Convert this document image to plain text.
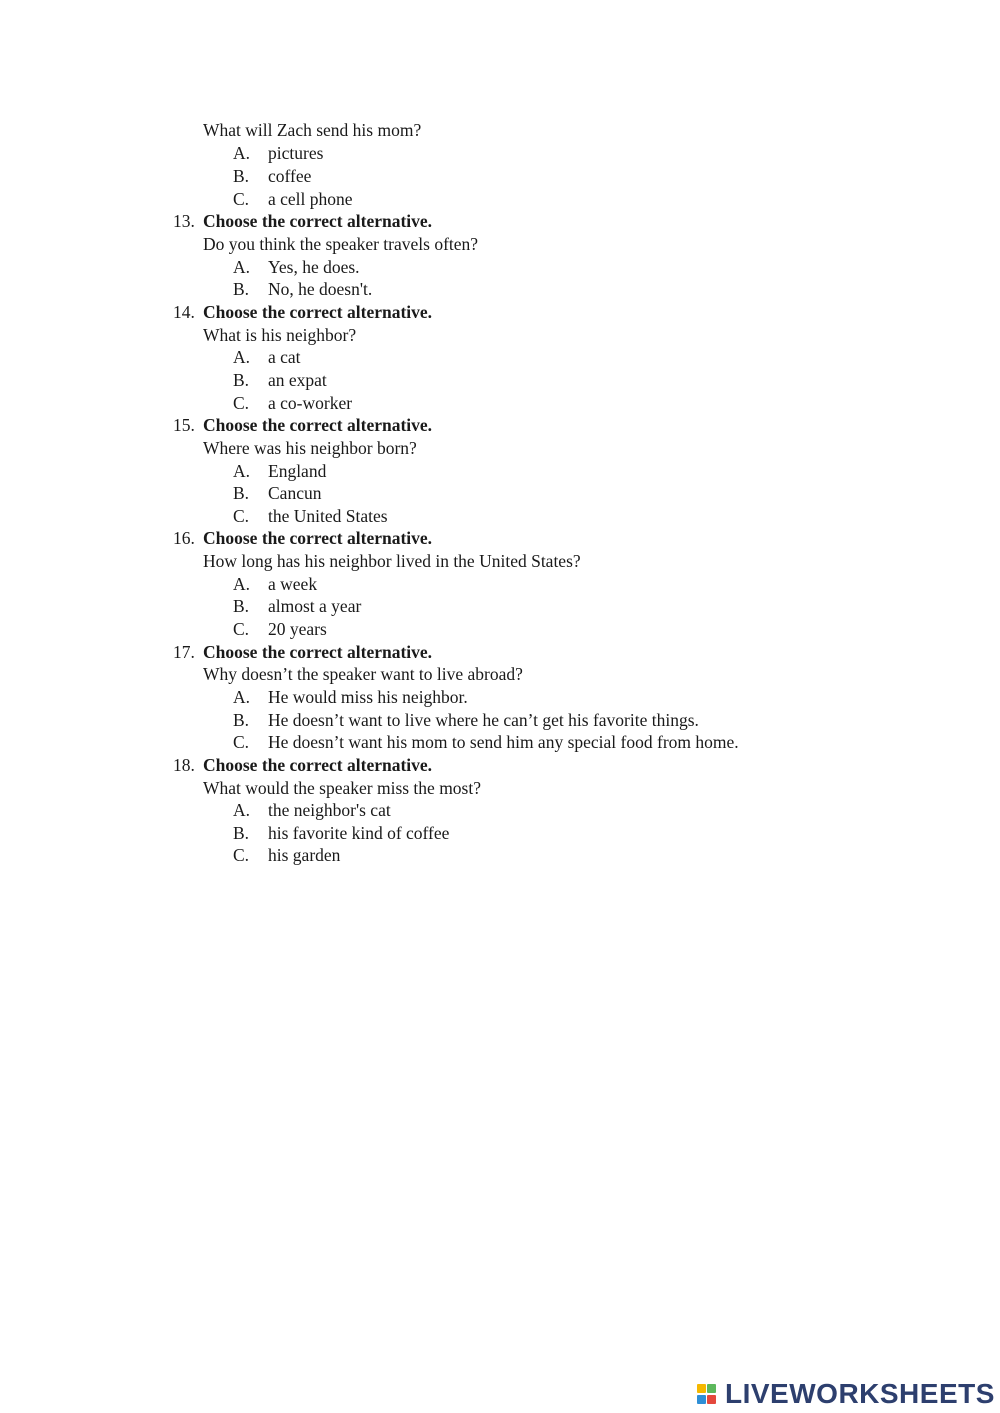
What will Zach send his mom?
A. pictures
B. coffee
C. a cell phone
13. Choose the correct alternative.
Do you think the speaker travels often?
A. Yes, he does.
B. No, he doesn't.
14. Choose the correct alternative.
What is his neighbor?
A. a cat
B. an expat
C. a co-worker
15. Choose the correct alternative.
Where was his neighbor born?
A. England
B. Cancun
C. the United States
16. Choose the correct alternative.
How long has his neighbor lived in the United States?
A. a week
B. almost a year
C. 20 years
17. Choose the correct alternative.
Why doesn’t the speaker want to live abroad?
A. He would miss his neighbor.
B. He doesn’t want to live where he can’t get his favorite things.
C. He doesn’t want his mom to send him any special food from home.
18. Choose the correct alternative.
What would the speaker miss the most?
A. the neighbor's cat
B. his favorite kind of coffee
C. his garden
LIVEWORKSHEETS
